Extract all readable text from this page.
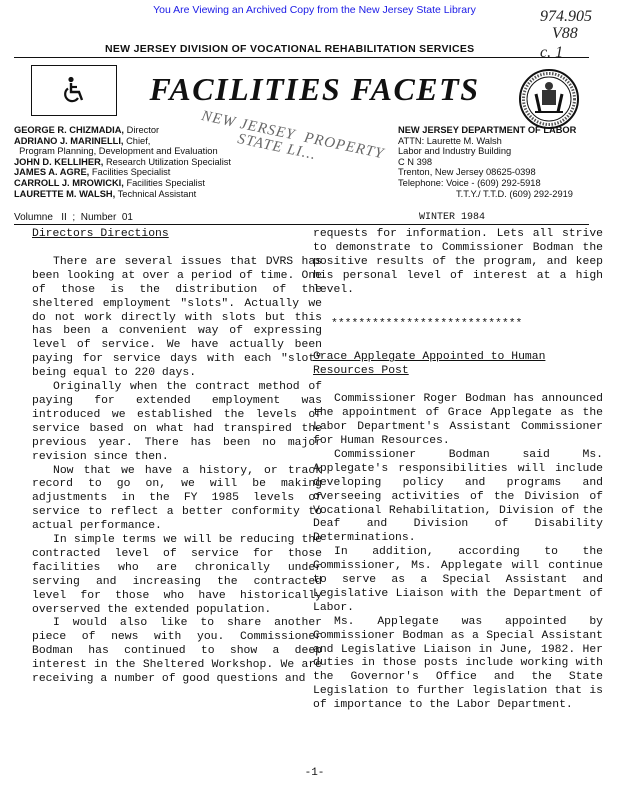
You Are Viewing an Archived Copy from the New Jersey State Library	974.905
V88
c. 1
NEW JERSEY DIVISION OF VOCATIONAL REHABILITATION SERVICES
FACILITIES FACETS
GEORGE R. CHIZMADIA, Director
ADRIANO J. MARINELLI, Chief,
Program Planning, Development and Evaluation
JOHN D. KELLIHER, Research Utilization Specialist
JAMES A. AGRE, Facilities Specialist
CARROLL J. MROWICKI, Facilities Specialist
LAURETTE M. WALSH, Technical Assistant
NEW JERSEY  PROPERTY
STATE LI...
NEW JERSEY DEPARTMENT OF LABOR
ATTN: Laurette M. Walsh
Labor and Industry Building
C N 398
Trenton, New Jersey 08625-0398
Telephone: Voice - (609) 292-5918
T.T.Y./ T.T.D. (609) 292-2919
Volumne II  ;  Number 01	WINTER 1984

Directors Directions

There are several issues that DVRS has been looking at over a period of time. One of those is the distribution of the sheltered employment "slots". Actually we do not work directly with slots but this has been a convenient way of expressing level of service. We have actually been paying for service days with each "slot" being equal to 220 days.

Originally when the contract method of paying for extended employment was introduced we established the levels of service based on what had transpired the previous year. There has been no major revision since then.

Now that we have a history, or track record to go on, we will be making adjustments in the FY 1985 levels of service to reflect a better conformity to actual performance.

In simple terms we will be reducing the contracted level of service for those facilities who are chronically under serving and increasing the contracted level for those who have historically overserved the extended population.

I would also like to share another piece of news with you. Commissioner Bodman has continued to show a deep interest in the Sheltered Workshop. We are receiving a number of good questions and

requests for information. Lets all strive to demonstrate to Commissioner Bodman the positive results of the program, and keep his personal level of interest at a high level.

****************************

Grace Applegate Appointed to Human Resources Post

Commissioner Roger Bodman has announced the appointment of Grace Applegate as the Labor Department's Assistant Commissioner for Human Resources.

Commissioner Bodman said Ms. Applegate's responsibilities will include developing policy and programs and overseeing activities of the Division of Vocational Rehabilitation, Division of the Deaf and Division of Disability Determinations.

In addition, according to the Commissioner, Ms. Applegate will continue to serve as a Special Assistant and Legislative Liaison with the Department of Labor.

Ms. Applegate was appointed by Commissioner Bodman as a Special Assistant and Legislative Liaison in June, 1982. Her duties in those posts include working with the Governor's Office and the State Legislation to further legislation that is of importance to the Labor Department.

-1-
